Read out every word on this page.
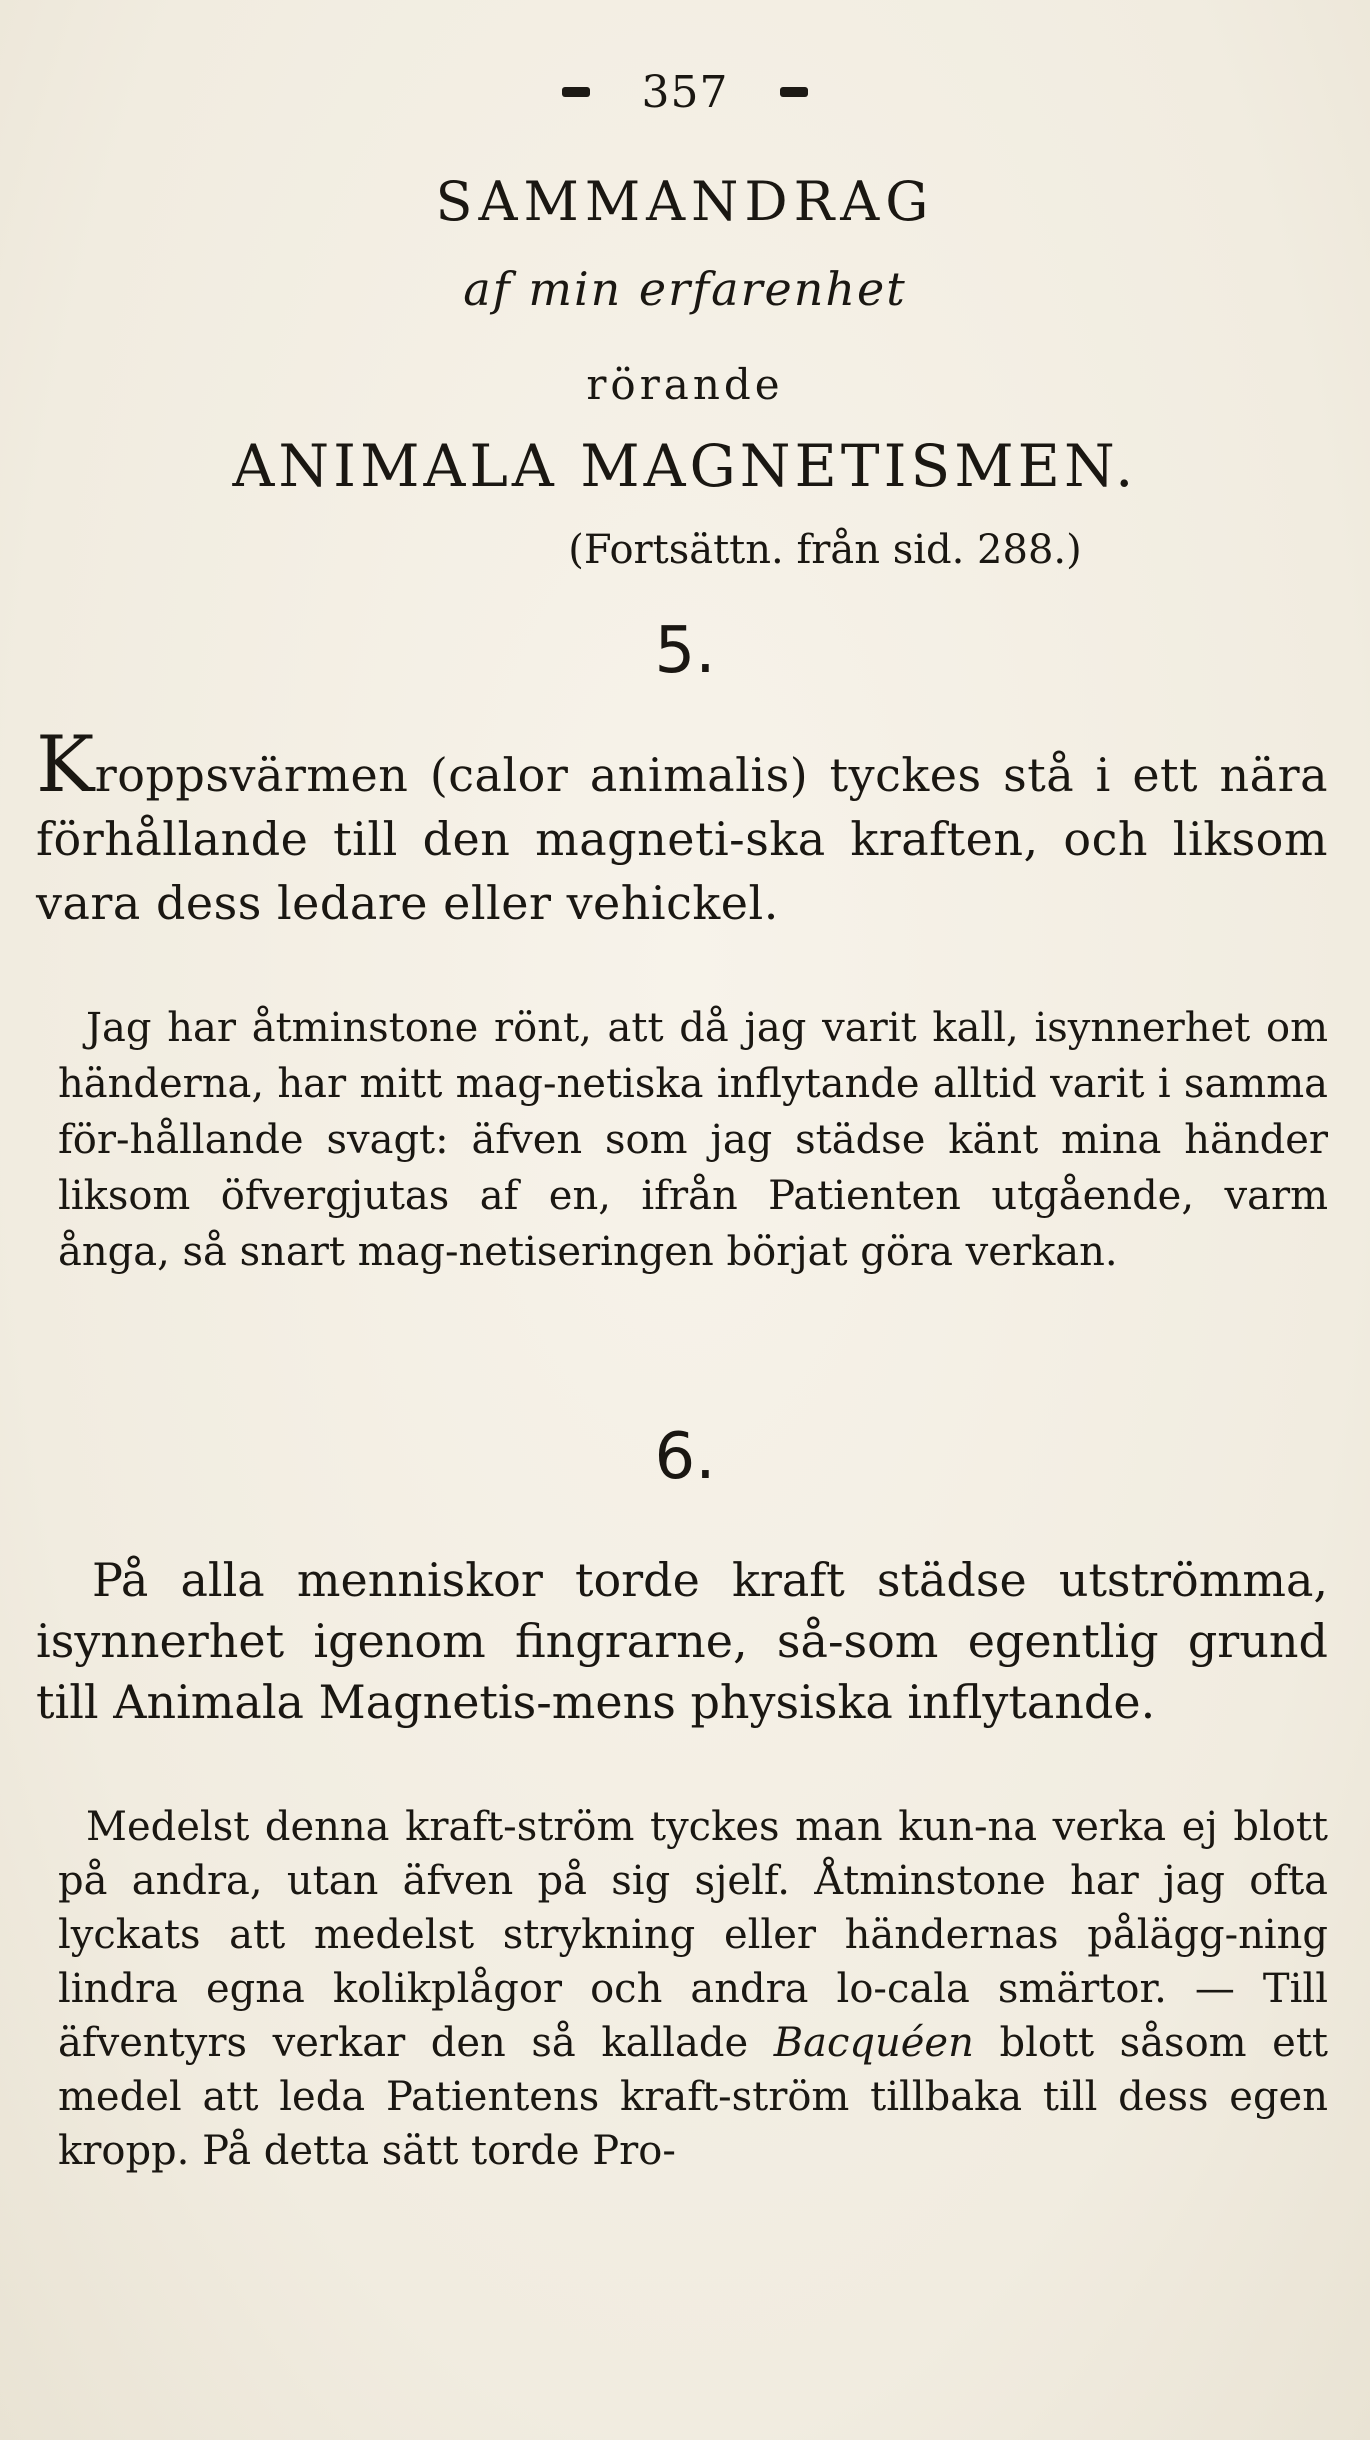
357
SAMMANDRAG
af min erfarenhet
rörande
ANIMALA MAGNETISMEN.
(Fortsättn. från sid. 288.)
5.

Kroppsvärmen (calor animalis) tyckes stå i ett nära förhållande till den magneti-ska kraften, och liksom vara dess ledare eller vehickel.

Jag har åtminstone rönt, att då jag varit kall, isynnerhet om händerna, har mitt mag-netiska inflytande alltid varit i samma för-hållande svagt: äfven som jag städse känt mina händer liksom öfvergjutas af en, ifrån Patienten utgående, varm ånga, så snart mag-netiseringen börjat göra verkan.

6.

På alla menniskor torde kraft städse utströmma, isynnerhet igenom fingrarne, så-som egentlig grund till Animala Magnetis-mens physiska inflytande.

Medelst denna kraft-ström tyckes man kun-na verka ej blott på andra, utan äfven på sig sjelf. Åtminstone har jag ofta lyckats att medelst strykning eller händernas pålägg-ning lindra egna kolikplågor och andra lo-cala smärtor. — Till äfventyrs verkar den så kallade Bacquéen blott såsom ett medel att leda Patientens kraft-ström tillbaka till dess egen kropp. På detta sätt torde Pro-
